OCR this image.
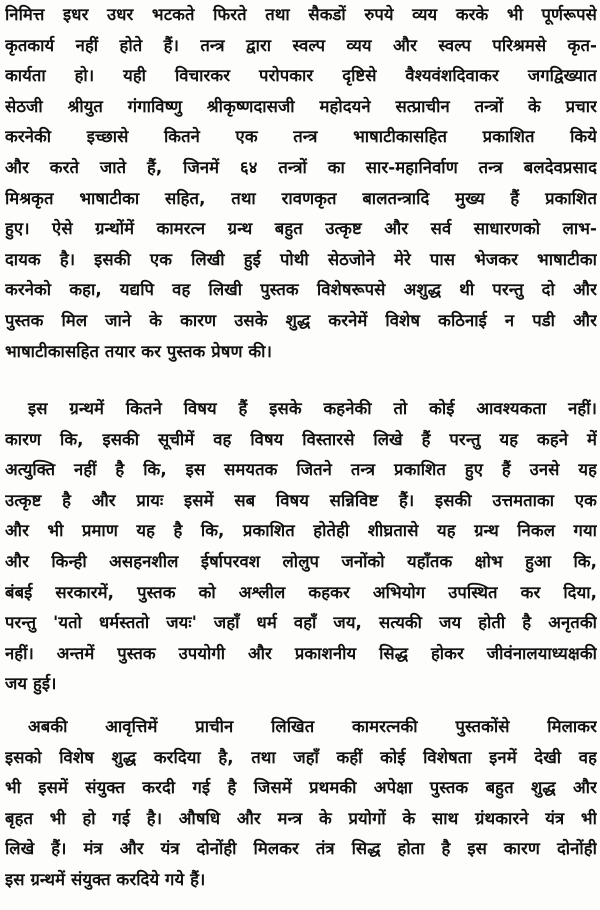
निमित्त इधर उधर भटकते फिरते तथा सैकडों रुपये व्यय करके भी पूर्णरूपसे
कृतकार्य नहीं होते हैं। तन्त्र द्वारा स्वल्प व्यय और स्वल्प परिश्रमसे कृत-
कार्यता हो। यही विचारकर परोपकार दृष्टिसे वैश्यवंशदिवाकर जगद्विख्यात
सेठजी श्रीयुत गंगाविष्णु श्रीकृष्णदासजी महोदयने सत्प्राचीन तन्त्रों के प्रचार
करनेकी इच्छासे कितने एक तन्त्र भाषाटीकासहित प्रकाशित किये
और करते जाते हैं, जिनमें ६४ तन्त्रों का सार-महानिर्वाण तन्त्र बलदेवप्रसाद
मिश्रकृत भाषाटीका सहित, तथा रावणकृत बालतन्त्रादि मुख्य हैं प्रकाशित
हुए। ऐसे ग्रन्थोंमें कामरत्न ग्रन्थ बहुत उत्कृष्ट और सर्व साधारणको लाभ-
दायक है। इसकी एक लिखी हुई पोथी सेठजोने मेरे पास भेजकर भाषाटीका
करनेको कहा, यद्यपि वह लिखी पुस्तक विशेषरूपसे अशुद्ध थी परन्तु दो और
पुस्तक मिल जाने के कारण उसके शुद्ध करनेमें विशेष कठिनाई न पडी और
भाषाटीकासहित तयार कर पुस्तक प्रेषण की।

इस ग्रन्थमें कितने विषय हैं इसके कहनेकी तो कोई आवश्यकता नहीं।
कारण कि, इसकी सूचीमें वह विषय विस्तारसे लिखे हैं परन्तु यह कहने में
अत्युक्ति नहीं है कि, इस समयतक जितने तन्त्र प्रकाशित हुए हैं उनसे यह
उत्कृष्ट है और प्रायः इसमें सब विषय सन्निविष्ट हैं। इसकी उत्तमताका एक
और भी प्रमाण यह है कि, प्रकाशित होतेही शीघ्रतासे यह ग्रन्थ निकल गया
और किन्ही असहनशील ईर्षापरवश लोलुप जनोंको यहाँतक क्षोभ हुआ कि,
बंबई सरकारमें, पुस्तक को अश्लील कहकर अभियोग उपस्थित कर दिया,
परन्तु 'यतो धर्मस्ततो जयः' जहाँ धर्म वहाँ जय, सत्यकी जय होती है अनृतकी
नहीं। अन्तमें पुस्तक उपयोगी और प्रकाशनीय सिद्ध होकर जीवंनालयाध्यक्षकी
जय हुई।

अबकी आवृत्तिमें प्राचीन लिखित कामरत्नकी पुस्तकोंसे मिलाकर
इसको विशेष शुद्ध करदिया है, तथा जहाँ कहीं कोई विशेषता इनमें देखी वह
भी इसमें संयुक्त करदी गई है जिसमें प्रथमकी अपेक्षा पुस्तक बहुत शुद्ध और
बृहत भी हो गई है। औषधि और मन्त्र के प्रयोगों के साथ ग्रंथकारने यंत्र भी
लिखे हैं। मंत्र और यंत्र दोनोंही मिलकर तंत्र सिद्ध होता है इस कारण दोनोंही
इस ग्रन्थमें संयुक्त करदिये गये हैं।
